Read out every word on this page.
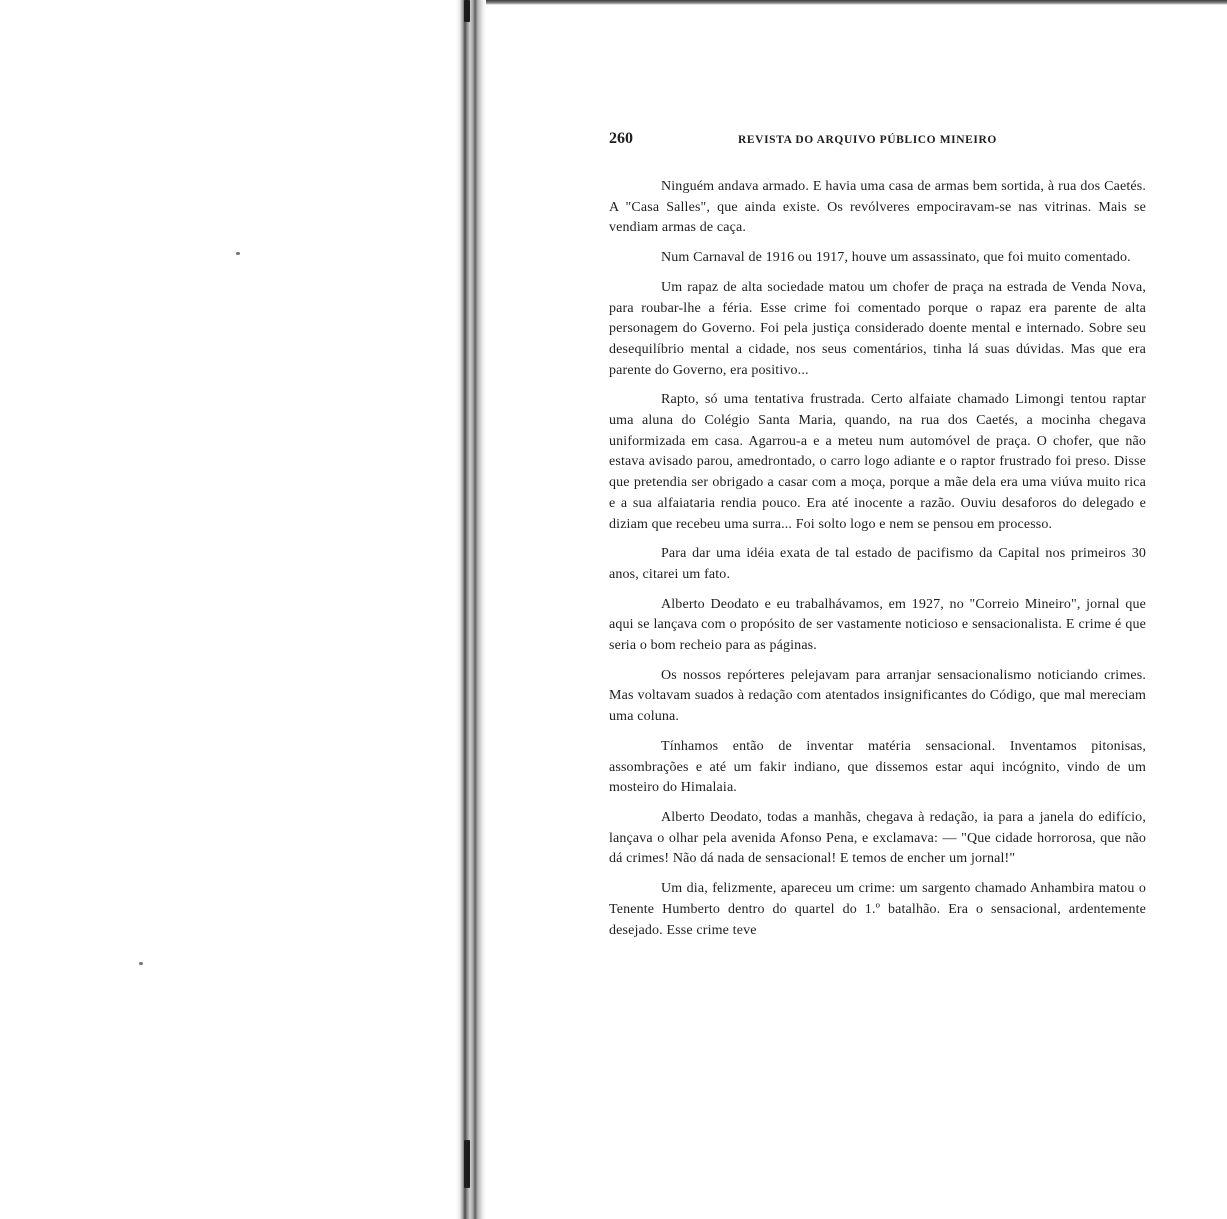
260	REVISTA DO ARQUIVO PÚBLICO MINEIRO

Ninguém andava armado. E havia uma casa de armas bem sortida, à rua dos Caetés. A "Casa Salles", que ainda existe. Os revólveres empociravam-se nas vitrinas. Mais se vendiam armas de caça.

Num Carnaval de 1916 ou 1917, houve um assassinato, que foi muito comentado.

Um rapaz de alta sociedade matou um chofer de praça na estrada de Venda Nova, para roubar-lhe a féria. Esse crime foi comentado porque o rapaz era parente de alta personagem do Governo. Foi pela justiça considerado doente mental e internado. Sobre seu desequilíbrio mental a cidade, nos seus comentários, tinha lá suas dúvidas. Mas que era parente do Governo, era positivo...

Rapto, só uma tentativa frustrada. Certo alfaiate chamado Limongi tentou raptar uma aluna do Colégio Santa Maria, quando, na rua dos Caetés, a mocinha chegava uniformizada em casa. Agarrou-a e a meteu num automóvel de praça. O chofer, que não estava avisado parou, amedrontado, o carro logo adiante e o raptor frustrado foi preso. Disse que pretendia ser obrigado a casar com a moça, porque a mãe dela era uma viúva muito rica e a sua alfaiataria rendia pouco. Era até inocente a razão. Ouviu desaforos do delegado e diziam que recebeu uma surra... Foi solto logo e nem se pensou em processo.

Para dar uma idéia exata de tal estado de pacifismo da Capital nos primeiros 30 anos, citarei um fato.

Alberto Deodato e eu trabalhávamos, em 1927, no "Correio Mineiro", jornal que aqui se lançava com o propósito de ser vastamente noticioso e sensacionalista. E crime é que seria o bom recheio para as páginas.

Os nossos repórteres pelejavam para arranjar sensacionalismo noticiando crimes. Mas voltavam suados à redação com atentados insignificantes do Código, que mal mereciam uma coluna.

Tínhamos então de inventar matéria sensacional. Inventamos pitonisas, assombrações e até um fakir indiano, que dissemos estar aqui incógnito, vindo de um mosteiro do Himalaia.

Alberto Deodato, todas a manhãs, chegava à redação, ia para a janela do edifício, lançava o olhar pela avenida Afonso Pena, e exclamava: — "Que cidade horrorosa, que não dá crimes! Não dá nada de sensacional! E temos de encher um jornal!"

Um dia, felizmente, apareceu um crime: um sargento chamado Anhambira matou o Tenente Humberto dentro do quartel do 1.º batalhão. Era o sensacional, ardentemente desejado. Esse crime teve
